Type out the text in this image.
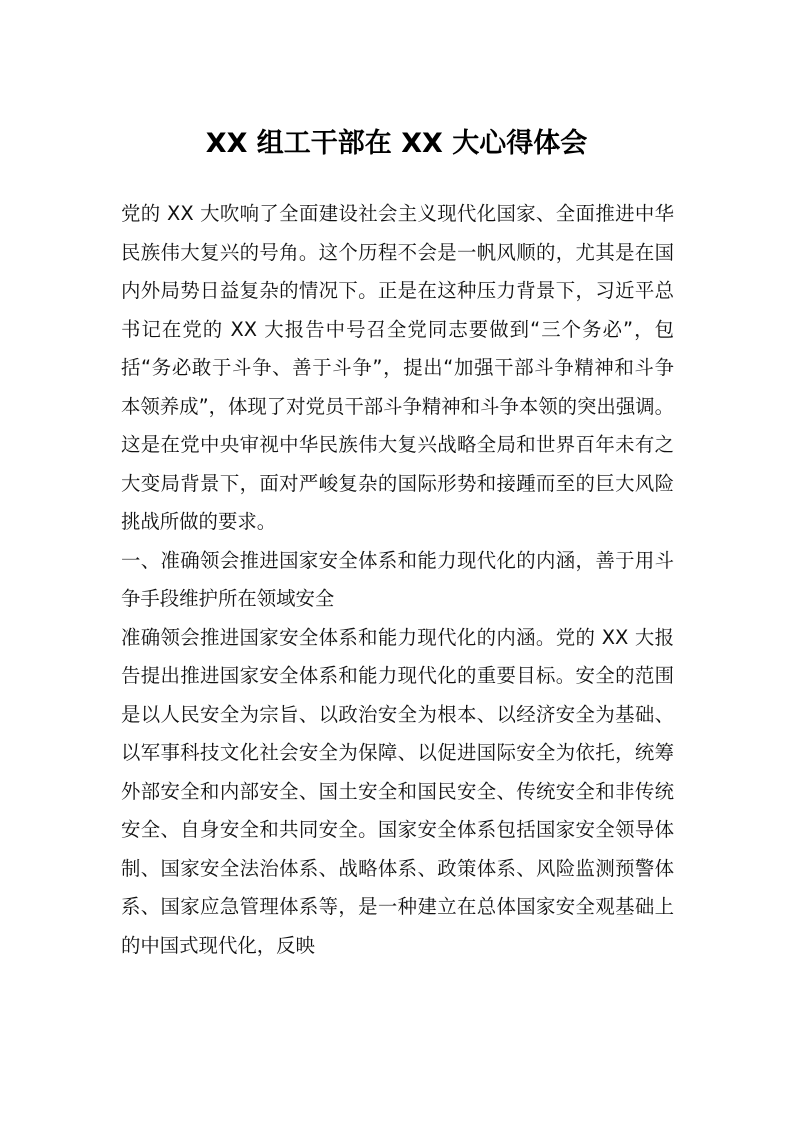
XX 组工干部在 XX 大心得体会

党的 XX 大吹响了全面建设社会主义现代化国家、全面推进中华民族伟大复兴的号角。这个历程不会是一帆风顺的，尤其是在国内外局势日益复杂的情况下。正是在这种压力背景下，习近平总书记在党的 XX 大报告中号召全党同志要做到“三个务必”，包括“务必敢于斗争、善于斗争”，提出“加强干部斗争精神和斗争本领养成”，体现了对党员干部斗争精神和斗争本领的突出强调。这是在党中央审视中华民族伟大复兴战略全局和世界百年未有之大变局背景下，面对严峻复杂的国际形势和接踵而至的巨大风险挑战所做的要求。

一、准确领会推进国家安全体系和能力现代化的内涵，善于用斗争手段维护所在领域安全

准确领会推进国家安全体系和能力现代化的内涵。党的 XX 大报告提出推进国家安全体系和能力现代化的重要目标。安全的范围是以人民安全为宗旨、以政治安全为根本、以经济安全为基础、以军事科技文化社会安全为保障、以促进国际安全为依托，统筹外部安全和内部安全、国土安全和国民安全、传统安全和非传统安全、自身安全和共同安全。国家安全体系包括国家安全领导体制、国家安全法治体系、战略体系、政策体系、风险监测预警体系、国家应急管理体系等，是一种建立在总体国家安全观基础上的中国式现代化，反映
